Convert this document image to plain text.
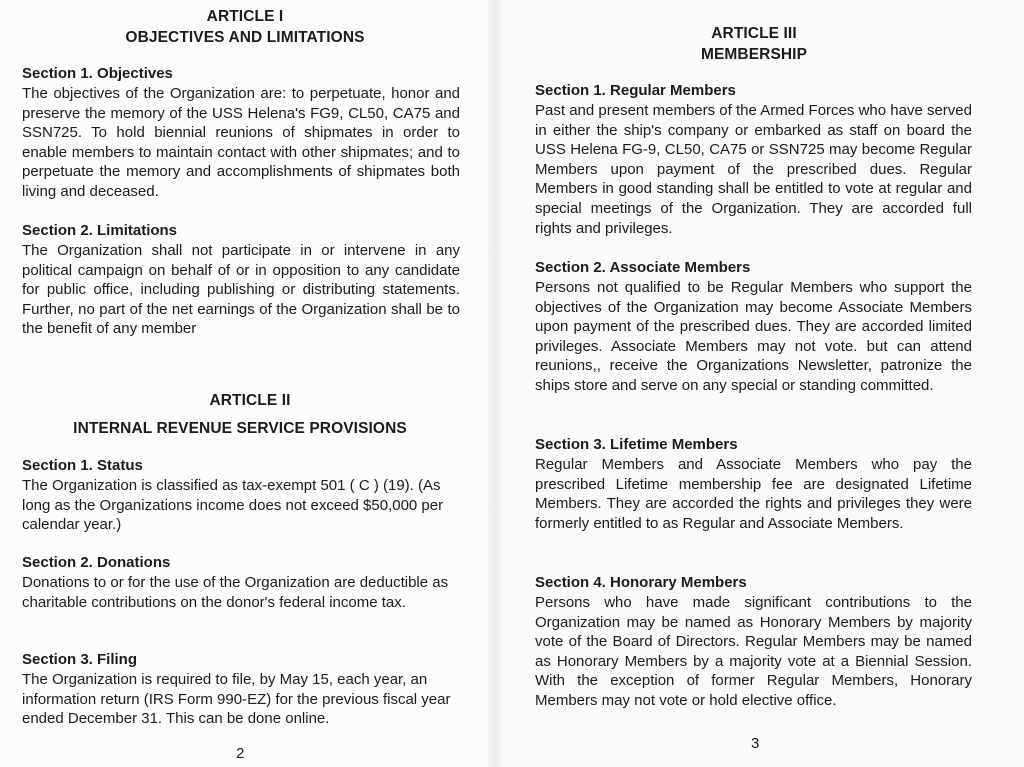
ARTICLE I
OBJECTIVES AND LIMITATIONS

Section 1. Objectives

The objectives of the Organization are: to perpetuate, honor and preserve the memory of the USS Helena's FG9, CL50, CA75 and SSN725. To hold biennial reunions of shipmates in order to enable members to maintain contact with other shipmates; and to perpetuate the memory and accomplishments of shipmates both living and deceased.

Section 2. Limitations

The Organization shall not participate in or intervene in any political campaign on behalf of or in opposition to any candidate for public office, including publishing or distributing statements. Further, no part of the net earnings of the Organization shall be to the benefit of any member

ARTICLE II
INTERNAL REVENUE SERVICE PROVISIONS

Section 1. Status

The Organization is classified as tax-exempt 501 ( C ) (19). (As long as the Organizations income does not exceed $50,000 per calendar year.)

Section 2. Donations

Donations to or for the use of the Organization are deductible as charitable contributions on the donor's federal income tax.

Section 3. Filing

The Organization is required to file, by May 15, each year, an information return (IRS Form 990-EZ) for the previous fiscal year ended December 31. This can be done online.

2

ARTICLE III
MEMBERSHIP

Section 1. Regular Members

Past and present members of the Armed Forces who have served in either the ship's company or embarked as staff on board the USS Helena FG-9, CL50, CA75 or SSN725 may become Regular Members upon payment of the prescribed dues. Regular Members in good standing shall be entitled to vote at regular and special meetings of the Organization. They are accorded full rights and privileges.

Section 2. Associate Members

Persons not qualified to be Regular Members who support the objectives of the Organization may become Associate Members upon payment of the prescribed dues. They are accorded limited privileges. Associate Members may not vote. but can attend reunions,, receive the Organizations Newsletter, patronize the ships store and serve on any special or standing committed.

Section 3. Lifetime Members

Regular Members and Associate Members who pay the prescribed Lifetime membership fee are designated Lifetime Members. They are accorded the rights and privileges they were formerly entitled to as Regular and Associate Members.

Section 4. Honorary Members

Persons who have made significant contributions to the Organization may be named as Honorary Members by majority vote of the Board of Directors. Regular Members may be named as Honorary Members by a majority vote at a Biennial Session. With the exception of former Regular Members, Honorary Members may not vote or hold elective office.

3
